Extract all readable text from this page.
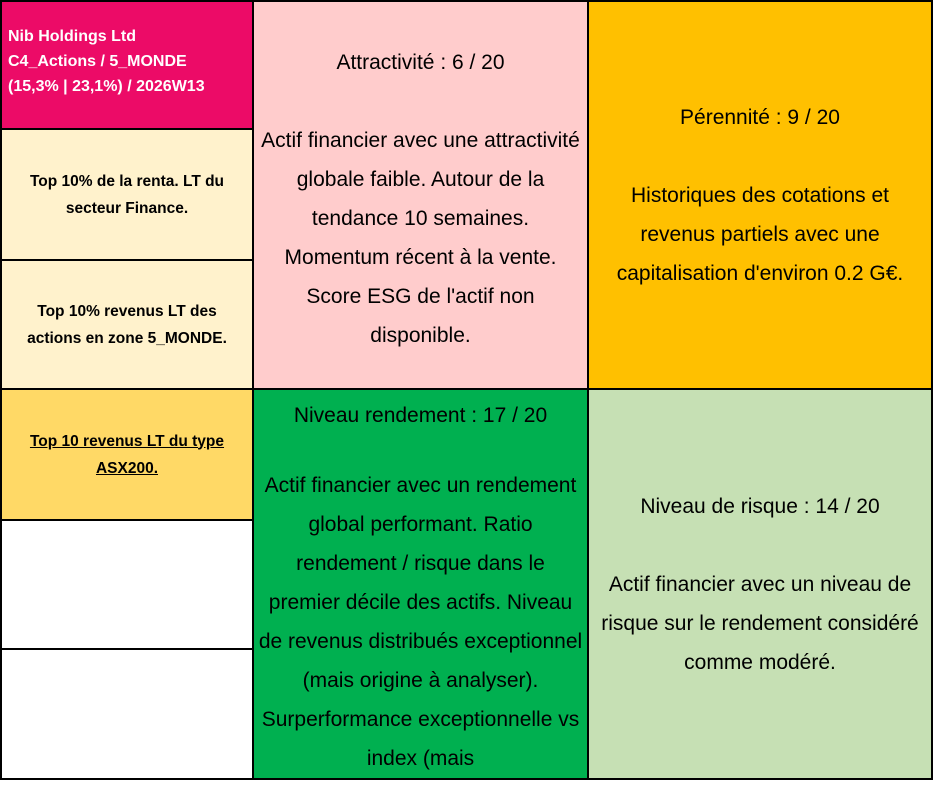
Nib Holdings Ltd
C4_Actions / 5_MONDE
(15,3% | 23,1%) / 2026W13
Top 10% de la renta. LT du secteur Finance.
Top 10% revenus LT des actions en zone 5_MONDE.
Top 10 revenus LT du type ASX200.
Attractivité : 6 / 20
Actif financier avec une attractivité globale faible. Autour de la tendance 10 semaines. Momentum récent à la vente. Score ESG de l'actif non disponible.
Pérennité : 9 / 20
Historiques des cotations et revenus partiels avec une capitalisation d'environ 0.2 G€.
Niveau rendement : 17 / 20
Actif financier avec un rendement global performant. Ratio rendement / risque dans le premier décile des actifs. Niveau de revenus distribués exceptionnel (mais origine à analyser). Surperformance exceptionnelle vs index (mais
Niveau de risque : 14 / 20
Actif financier avec un niveau de risque sur le rendement considéré comme modéré.
